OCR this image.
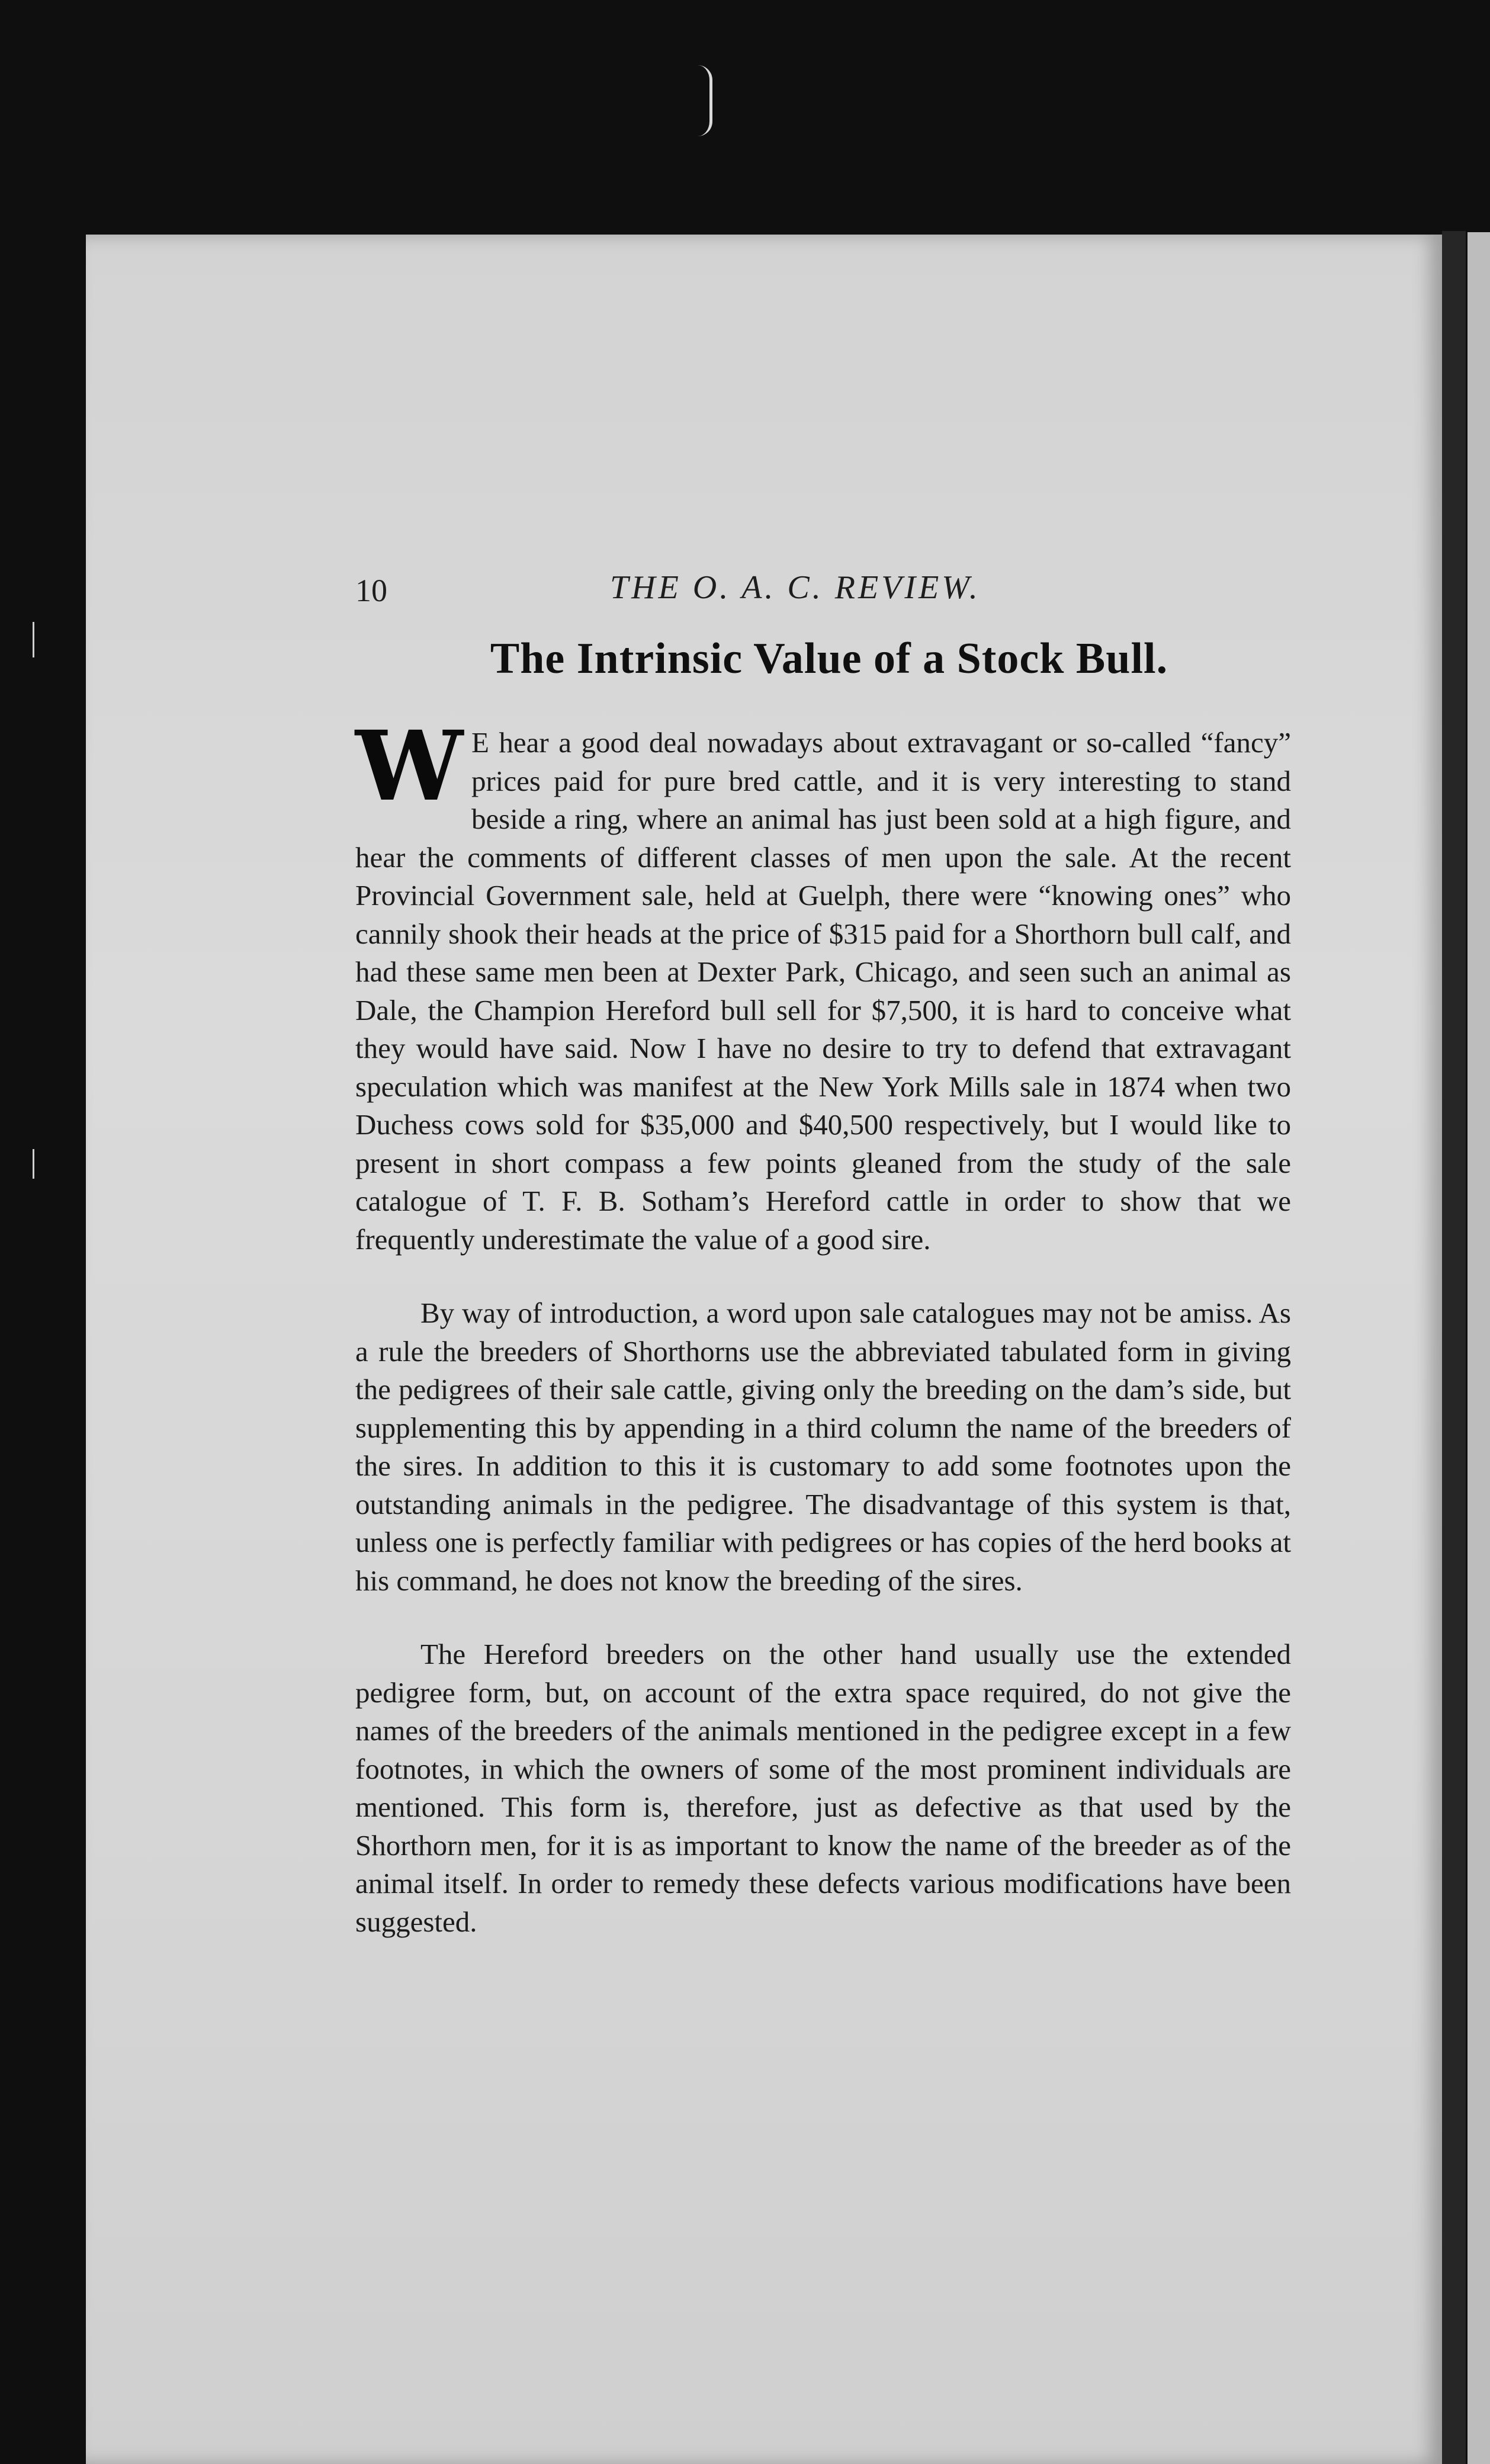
10	THE O. A. C. REVIEW.
The Intrinsic Value of a Stock Bull.

W E hear a good deal nowadays about extravagant or so-called “fancy” prices paid for pure bred cattle, and it is very interesting to stand beside a ring, where an animal has just been sold at a high figure, and hear the comments of different classes of men upon the sale. At the recent Provincial Government sale, held at Guelph, there were “knowing ones” who cannily shook their heads at the price of $315 paid for a Shorthorn bull calf, and had these same men been at Dexter Park, Chicago, and seen such an animal as Dale, the Champion Hereford bull sell for $7,500, it is hard to conceive what they would have said. Now I have no desire to try to defend that extravagant speculation which was manifest at the New York Mills sale in 1874 when two Duchess cows sold for $35,000 and $40,500 respectively, but I would like to present in short compass a few points gleaned from the study of the sale catalogue of T. F. B. Sotham’s Hereford cattle in order to show that we frequently underestimate the value of a good sire.

By way of introduction, a word upon sale catalogues may not be amiss. As a rule the breeders of Shorthorns use the abbreviated tabulated form in giving the pedigrees of their sale cattle, giving only the breeding on the dam’s side, but supplementing this by appending in a third column the name of the breeders of the sires. In addition to this it is customary to add some footnotes upon the outstanding animals in the pedigree. The disadvantage of this system is that, unless one is perfectly familiar with pedigrees or has copies of the herd books at his command, he does not know the breeding of the sires.

The Hereford breeders on the other hand usually use the extended pedigree form, but, on account of the extra space required, do not give the names of the breeders of the animals mentioned in the pedigree except in a few footnotes, in which the owners of some of the most prominent individuals are mentioned. This form is, therefore, just as defective as that used by the Shorthorn men, for it is as important to know the name of the breeder as of the animal itself. In order to remedy these defects various modifications have been suggested.
